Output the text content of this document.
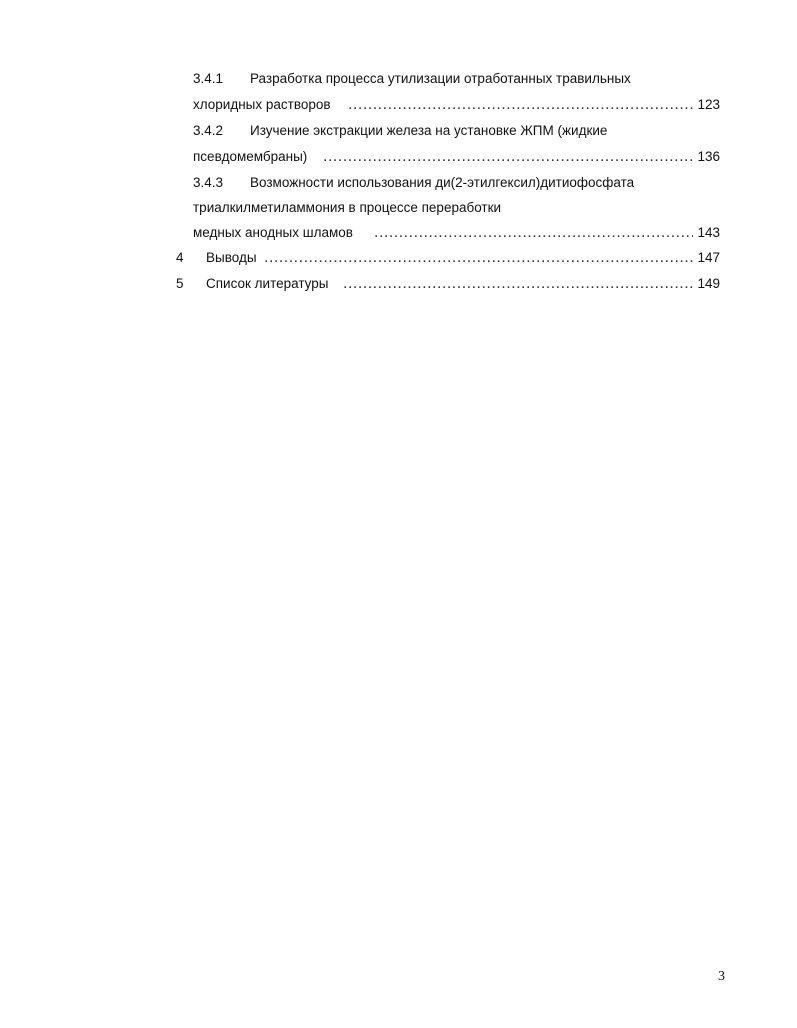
3.4.1 Разработка процесса утилизации отработанных травильных
хлоридных растворов .....	123
3.4.2 Изучение экстракции железа на установке ЖПМ (жидкие
псевдомембраны) .....	136
3.4.3 Возможности использования ди(2-этилгексил)дитиофосфата
триалкилметиламмония в процессе переработки
медных анодных шламов .....	143
4 Выводы .....	147
5 Список литературы .....	149
3
